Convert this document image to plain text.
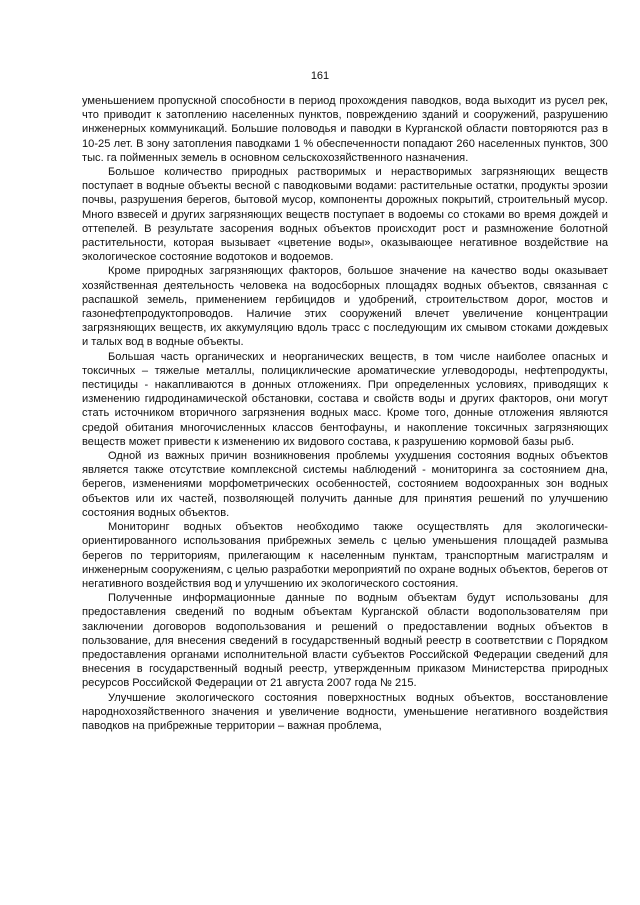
161

уменьшением пропускной способности в период прохождения паводков, вода выходит из русел рек, что приводит к затоплению населенных пунктов, повреждению зданий и сооружений, разрушению инженерных коммуникаций. Большие половодья и паводки в Курганской области повторяются раз в 10-25 лет. В зону затопления паводками 1 % обеспеченности попадают 260 населенных пунктов, 300 тыс. га пойменных земель в основном сельскохозяйственного назначения.

Большое количество природных растворимых и нерастворимых загрязняющих веществ поступает в водные объекты весной с паводковыми водами: растительные остатки, продукты эрозии почвы, разрушения берегов, бытовой мусор, компоненты дорожных покрытий, строительный мусор. Много взвесей и других загрязняющих веществ поступает в водоемы со стоками во время дождей и оттепелей. В результате засорения водных объектов происходит рост и размножение болотной растительности, которая вызывает «цветение воды», оказывающее негативное воздействие на экологическое состояние водотоков и водоемов.

Кроме природных загрязняющих факторов, большое значение на качество воды оказывает хозяйственная деятельность человека на водосборных площадях водных объектов, связанная с распашкой земель, применением гербицидов и удобрений, строительством дорог, мостов и газонефтепродуктопроводов. Наличие этих сооружений влечет увеличение концентрации загрязняющих веществ, их аккумуляцию вдоль трасс с последующим их смывом стоками дождевых и талых вод в водные объекты.

Большая часть органических и неорганических веществ, в том числе наиболее опасных и токсичных – тяжелые металлы, полициклические ароматические углеводороды, нефтепродукты, пестициды - накапливаются в донных отложениях. При определенных условиях, приводящих к изменению гидродинамической обстановки, состава и свойств воды и других факторов, они могут стать источником вторичного загрязнения водных масс. Кроме того, донные отложения являются средой обитания многочисленных классов бентофауны, и накопление токсичных загрязняющих веществ может привести к изменению их видового состава, к разрушению кормовой базы рыб.

Одной из важных причин возникновения проблемы ухудшения состояния водных объектов является также отсутствие комплексной системы наблюдений - мониторинга за состоянием дна, берегов, изменениями морфометрических особенностей, состоянием водоохранных зон водных объектов или их частей, позволяющей получить данные для принятия решений по улучшению состояния водных объектов.

Мониторинг водных объектов необходимо также осуществлять для экологически-ориентированного использования прибрежных земель с целью уменьшения площадей размыва берегов по территориям, прилегающим к населенным пунктам, транспортным магистралям и инженерным сооружениям, с целью разработки мероприятий по охране водных объектов, берегов от негативного воздействия вод и улучшению их экологического состояния.

Полученные информационные данные по водным объектам будут использованы для предоставления сведений по водным объектам Курганской области водопользователям при заключении договоров водопользования и решений о предоставлении водных объектов в пользование, для внесения сведений в государственный водный реестр в соответствии с Порядком предоставления органами исполнительной власти субъектов Российской Федерации сведений для внесения в государственный водный реестр, утвержденным приказом Министерства природных ресурсов Российской Федерации от 21 августа 2007 года № 215.

Улучшение экологического состояния поверхностных водных объектов, восстановление народнохозяйственного значения и увеличение водности, уменьшение негативного воздействия паводков на прибрежные территории – важная проблема,
